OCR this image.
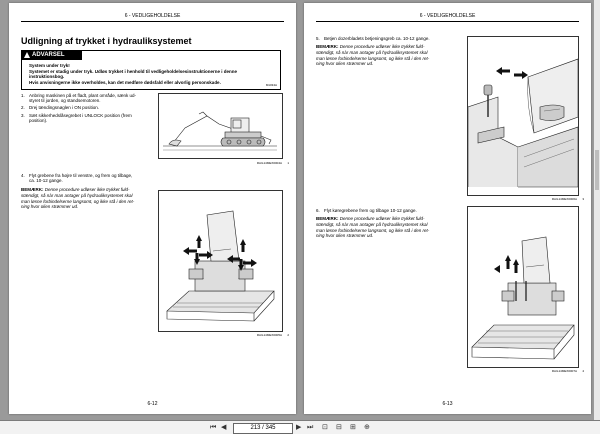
6 - VEDLIGEHOLDELSE
Udligning af trykket i hydrauliksystemet
ADVARSEL
System under tryk!
Systemet er stadig under tryk. Udløs trykket i henhold til vedligeholdelsesinstruktionerne i denne
instruktionsbog.
Hvis anvisningerne ikke overholdes, kan det medføre dødsfald eller alvorlig personskade.
M1034A
1. Anbring maskinen på et fladt, plant område, sænk ud-
styret til jorden, og standsemotoren.
2. Drej tændingsnøglen i ON position.
3. Sæt sikkerhedslåsegrebet i UNLOCK position (frem
position).
RAIL14MEX0004A 1
4. Flyt grebene fra højre til venstre, og frem og tilbage,
ca. 10-12 gange.
BEMÆRK: Denne procedure udløser ikke trykket fuld-
stændigt, så nàr man antager på hydrauliksystemet skal
man løsne forbindelserne langsomt, og ikke stå i den ret-
ning hvor olien strømmer ud.
RAIL14MEX0005A 2
6-12
6 - VEDLIGEHOLDELSE
5. Betjen dozerbladets betjeningsgreb ca. 10-12 gange.
BEMÆRK: Denne procedure udløser ikke trykket fuld-
stændigt, så nàr man antager på hydrauliksystemet skal
man løsne forbindelserne langsomt, og ikke stå i den ret-
ning hvor olien strømmer ud.
RAIL14MEX0006A 3
6. Flyt køregrebene frem og tilbage 10-12 gange.
BEMÆRK: Denne procedure udløser ikke trykket fuld-
stændigt, så nàr man antager på hydrauliksystemet skal
man løsne forbindelserne langsomt, og ikke stå i den ret-
ning hvor olien strømmer ud.
RAIL14MEX0007A 4
6-13
⏮ ◀	213 / 345	▶ ⏭ ⊡ ⊟ ⊞ ⊕
